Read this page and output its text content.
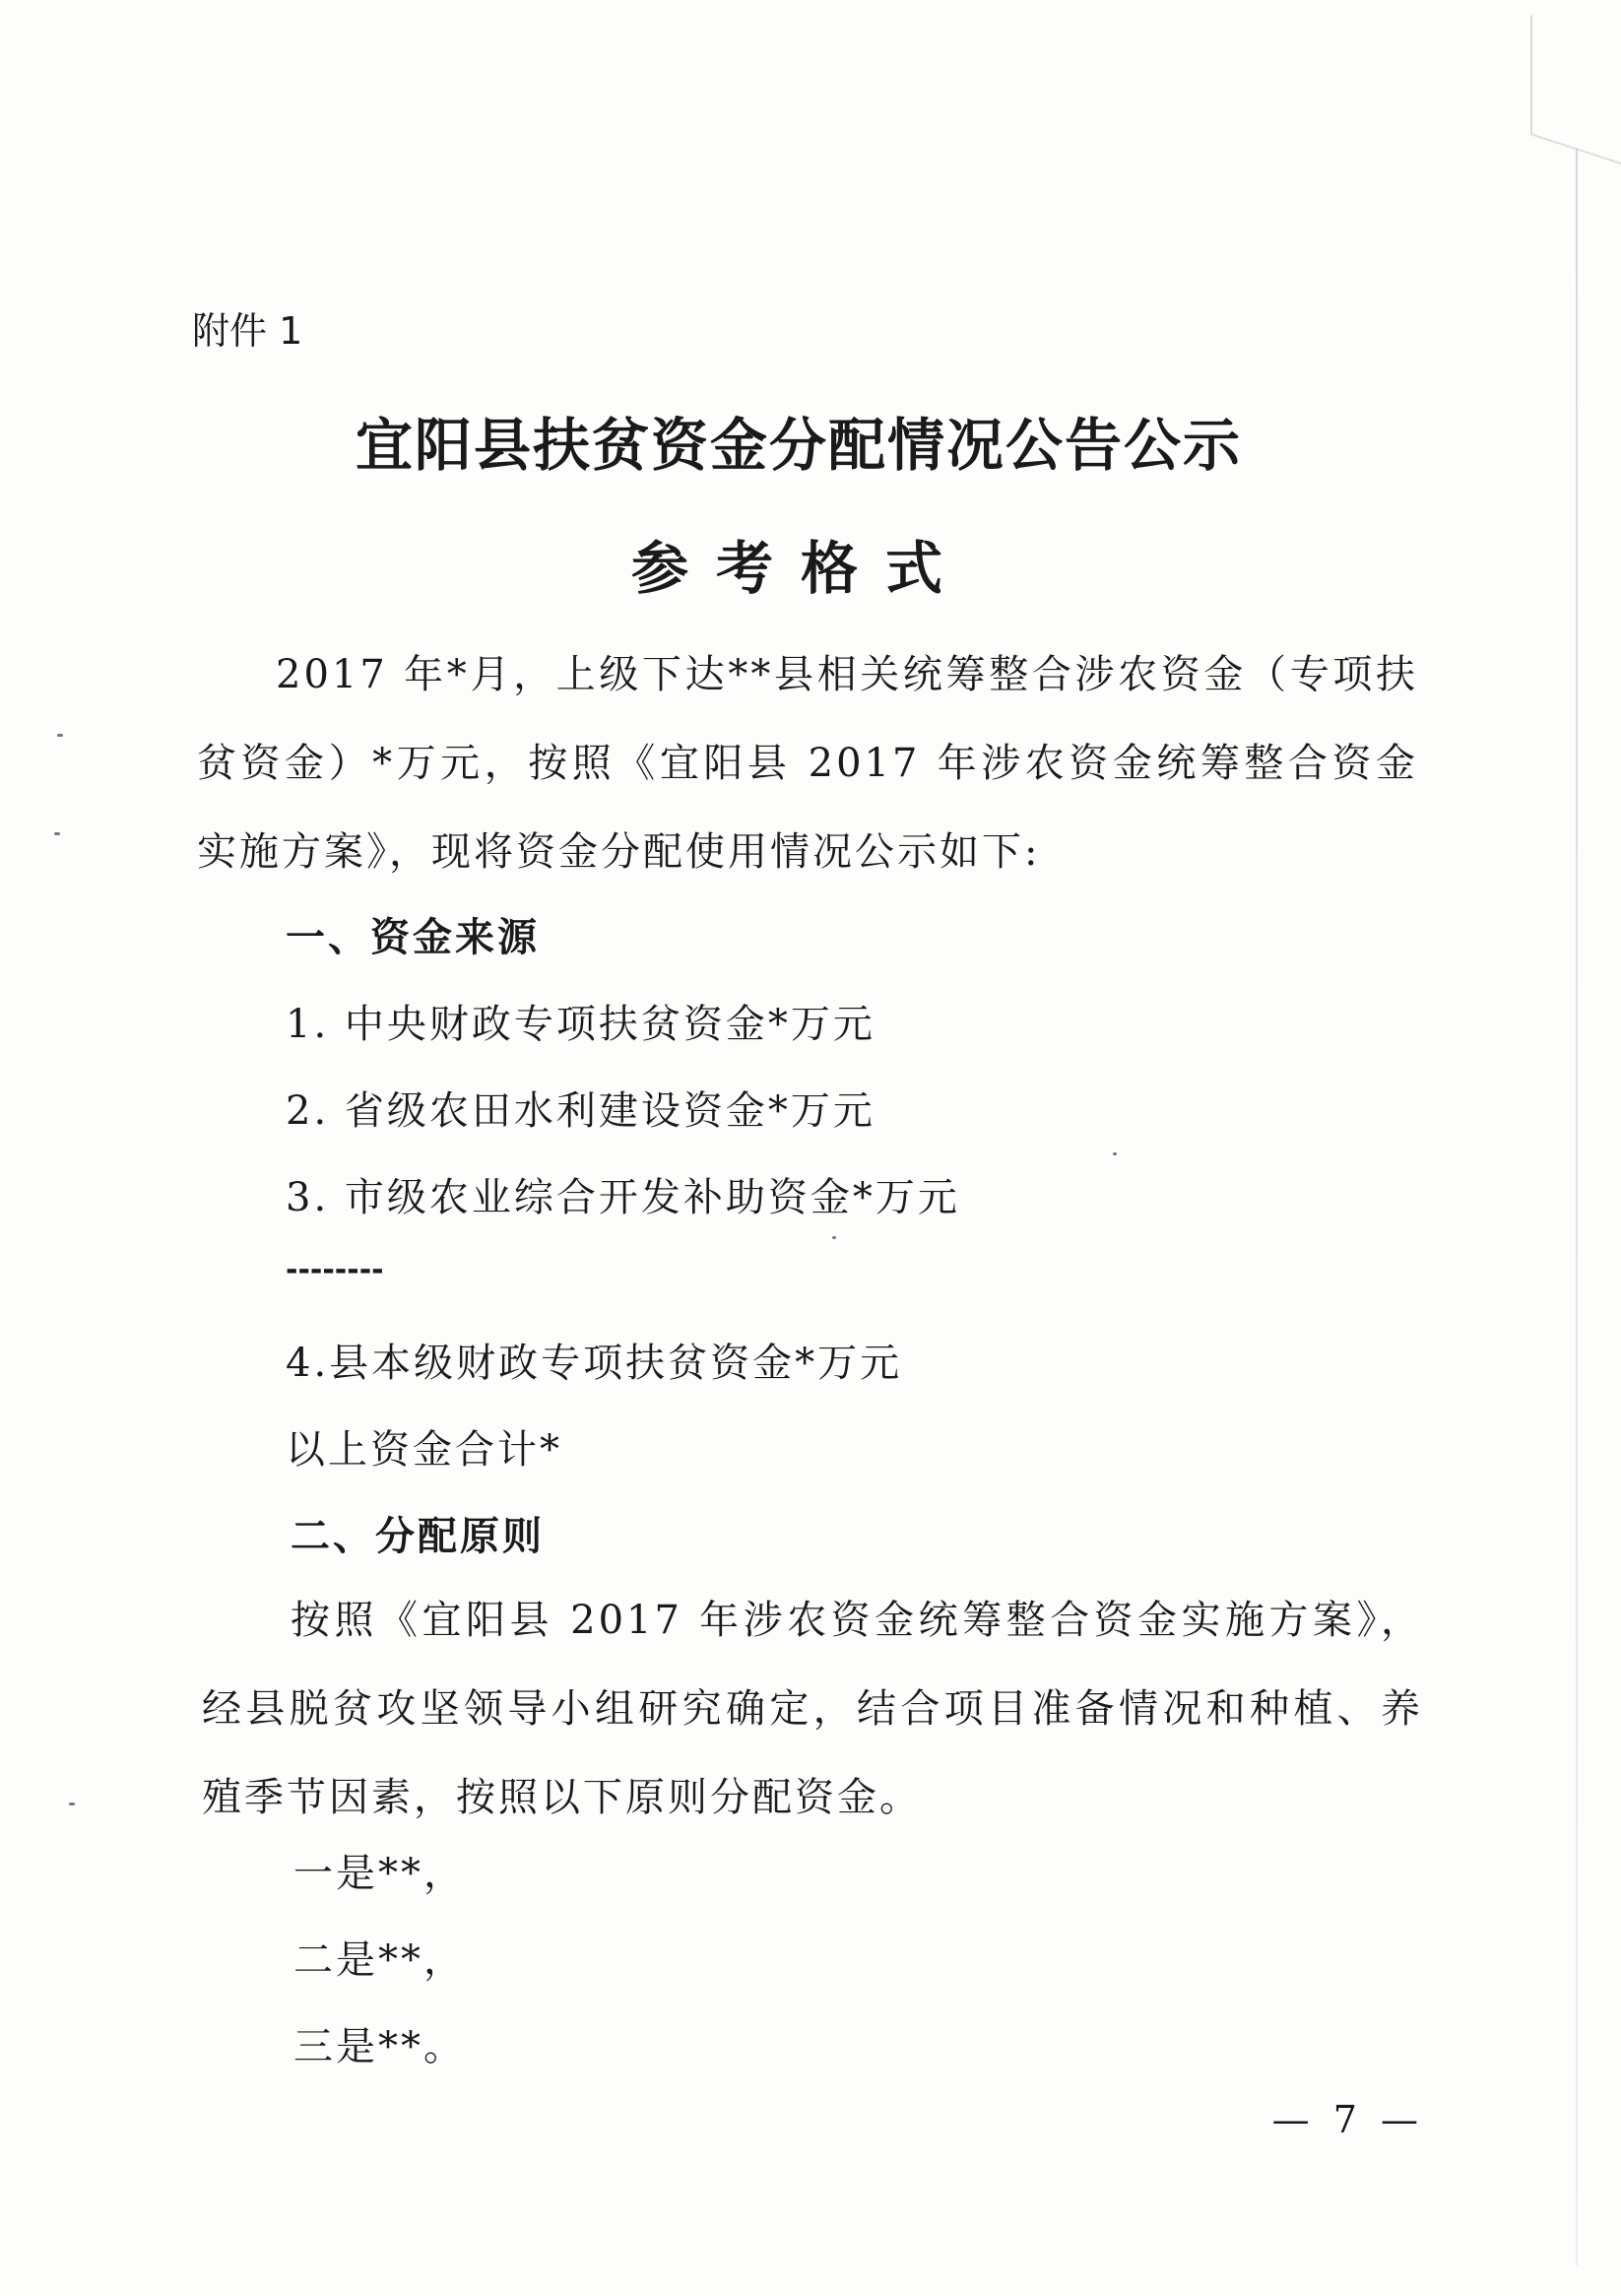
附件 1
宜阳县扶贫资金分配情况公告公示
参考格式
2017 年*月，上级下达**县相关统筹整合涉农资金（专项扶贫资金）*万元，按照《宜阳县 2017 年涉农资金统筹整合资金实施方案》，现将资金分配使用情况公示如下:
一、资金来源
1. 中央财政专项扶贫资金*万元
2. 省级农田水利建设资金*万元
3. 市级农业综合开发补助资金*万元
--------
4.县本级财政专项扶贫资金*万元
以上资金合计*
二、分配原则
按照《宜阳县 2017 年涉农资金统筹整合资金实施方案》，经县脱贫攻坚领导小组研究确定，结合项目准备情况和种植、养殖季节因素，按照以下原则分配资金。
一是**，
二是**，
三是**。
— 7 —
